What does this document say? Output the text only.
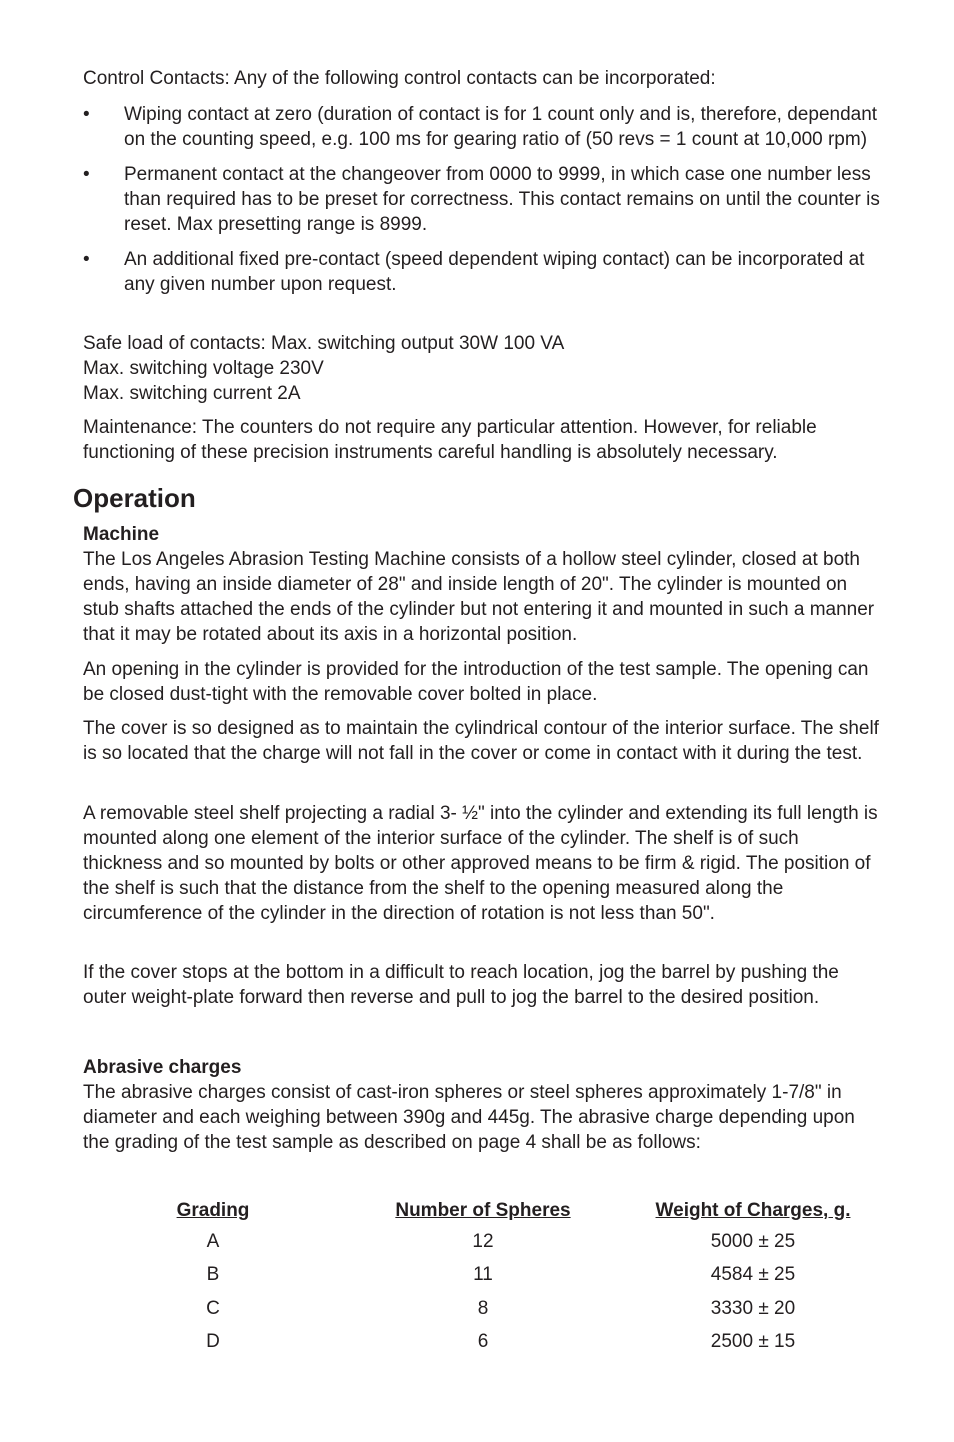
Control Contacts: Any of the following control contacts can be incorporated:

•	Wiping contact at zero (duration of contact is for 1 count only and is, therefore, dependant on the counting speed, e.g. 100 ms for gearing ratio of (50 revs = 1 count at 10,000 rpm)
•	Permanent contact at the changeover from 0000 to 9999, in which case one number less than required has to be preset for correctness. This contact remains on until the counter is reset. Max presetting range is 8999.
•	An additional fixed pre-contact (speed dependent wiping contact) can be incorporated at any given number upon request.

Safe load of contacts: Max. switching output 30W 100 VA

Max. switching voltage 230V

Max. switching current 2A

Maintenance: The counters do not require any particular attention. However, for reliable functioning of these precision instruments careful handling is absolutely necessary.

Operation

Machine

The Los Angeles Abrasion Testing Machine consists of a hollow steel cylinder, closed at both ends, having an inside diameter of 28" and inside length of 20". The cylinder is mounted on stub shafts attached the ends of the cylinder but not entering it and mounted in such a manner that it may be rotated about its axis in a horizontal position.

An opening in the cylinder is provided for the introduction of the test sample. The opening can be closed dust-tight with the removable cover bolted in place.

The cover is so designed as to maintain the cylindrical contour of the interior surface. The shelf is so located that the charge will not fall in the cover or come in contact with it during the test.

A removable steel shelf projecting a radial 3- ½" into the cylinder and extending its full length is mounted along one element of the interior surface of the cylinder. The shelf is of such thickness and so mounted by bolts or other approved means to be firm & rigid. The position of the shelf is such that the distance from the shelf to the opening measured along the circumference of the cylinder in the direction of rotation is not less than 50".

If the cover stops at the bottom in a difficult to reach location, jog the barrel by pushing the outer weight-plate forward then reverse and pull to jog the barrel to the desired position.

Abrasive charges

The abrasive charges consist of cast-iron spheres or steel spheres approximately 1-7/8" in diameter and each weighing between 390g and 445g. The abrasive charge depending upon the grading of the test sample as described on page 4 shall be as follows:

Grading	Number of Spheres	Weight of Charges, g.
A	12	5000 ± 25
B	11	4584 ± 25
C	8	3330 ± 20
D	6	2500 ± 15
